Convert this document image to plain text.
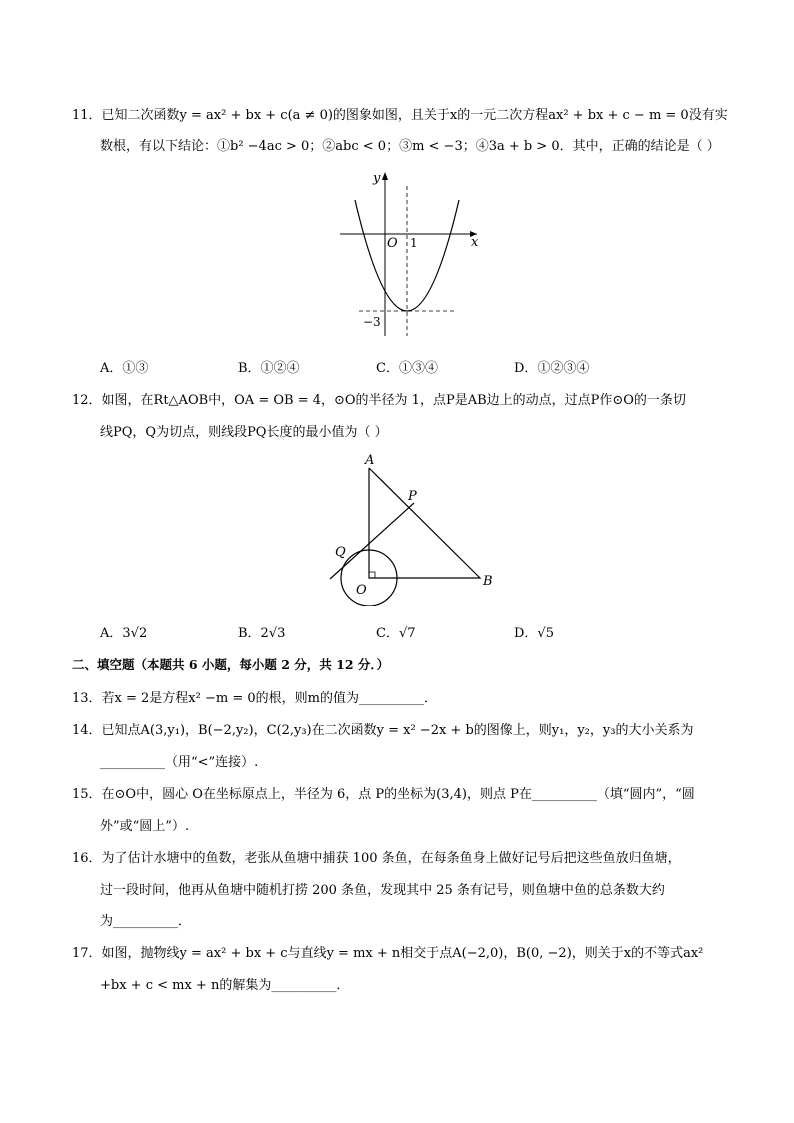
11．已知二次函数y = ax² + bx + c(a ≠ 0)的图象如图，且关于x的一元二次方程ax² + bx + c − m = 0没有实
数根，有以下结论：①b² −4ac > 0；②abc < 0；③m < −3；④3a + b > 0．其中，正确的结论是（ ）
y
x
O 1
−3
A．①③	B．①②④	C．①③④	D．①②③④
12．如图，在Rt△AOB中，OA = OB = 4，⊙O的半径为 1，点P是AB边上的动点，过点P作⊙O的一条切
线PQ，Q为切点，则线段PQ长度的最小值为（ ）
A
P
Q
B
O
A．3√2	B．2√3	C．√7	D．√5
二、填空题（本题共 6 小题，每小题 2 分，共 12 分．）
13．若x = 2是方程x² −m = 0的根，则m的值为__________．
14．已知点A(3,y₁)，B(−2,y₂)，C(2,y₃)在二次函数y = x² −2x + b的图像上，则y₁，y₂，y₃的大小关系为
__________（用“<”连接）.
15．在⊙O中，圆心 O在坐标原点上，半径为 6，点 P的坐标为(3,4)，则点 P在__________（填“圆内”，“圆
外”或“圆上”）.
16．为了估计水塘中的鱼数，老张从鱼塘中捕获 100 条鱼，在每条鱼身上做好记号后把这些鱼放归鱼塘，
过一段时间，他再从鱼塘中随机打捞 200 条鱼，发现其中 25 条有记号，则鱼塘中鱼的总条数大约
为__________．
17．如图，抛物线y = ax² + bx + c与直线y = mx + n相交于点A(−2,0)，B(0, −2)，则关于x的不等式ax²
+bx + c < mx + n的解集为__________．
